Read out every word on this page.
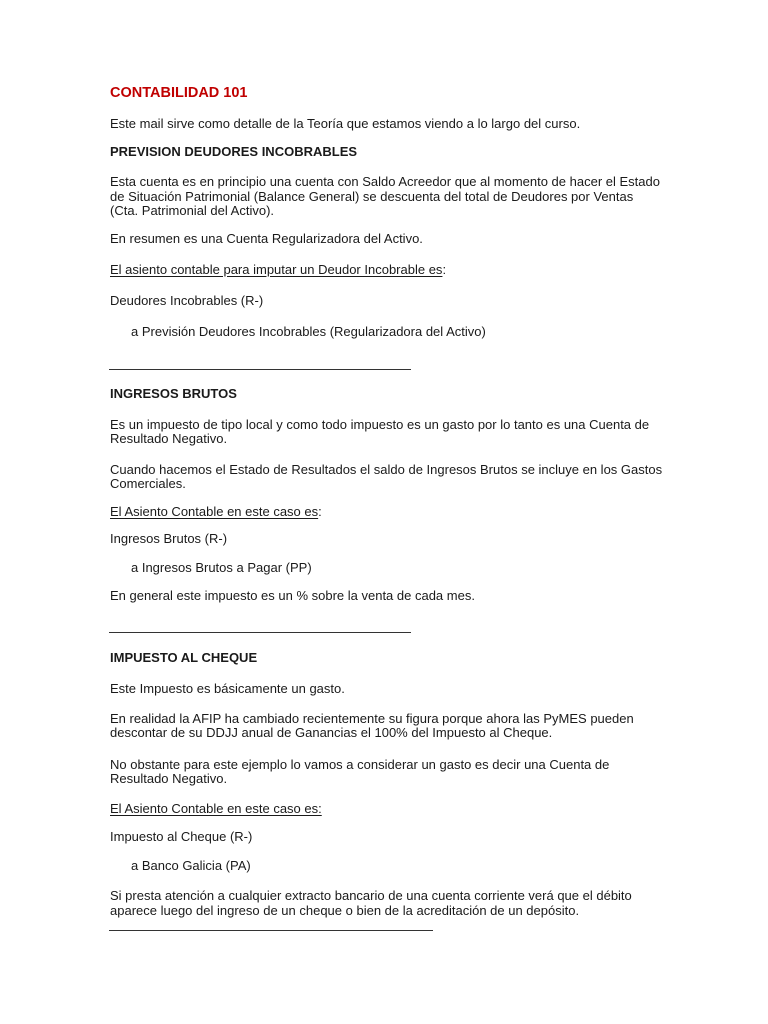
CONTABILIDAD 101

Este mail sirve como detalle de la Teoría que estamos viendo a lo largo del curso.

PREVISION DEUDORES INCOBRABLES

Esta cuenta es en principio una cuenta con Saldo Acreedor que al momento de hacer el Estado

de Situación Patrimonial (Balance General) se descuenta del total de Deudores por Ventas

(Cta. Patrimonial del Activo).

En resumen es una Cuenta Regularizadora del Activo.

El asiento contable para imputar un Deudor Incobrable es:

Deudores Incobrables (R-)

a Previsión Deudores Incobrables (Regularizadora del Activo)

INGRESOS BRUTOS

Es un impuesto de tipo local y como todo impuesto es un gasto por lo tanto es una Cuenta de

Resultado Negativo.

Cuando hacemos el Estado de Resultados el saldo de Ingresos Brutos se incluye en los Gastos

Comerciales.

El Asiento Contable en este caso es:

Ingresos Brutos (R-)

a Ingresos Brutos a Pagar (PP)

En general este impuesto es un % sobre la venta de cada mes.

IMPUESTO AL CHEQUE

Este Impuesto es básicamente un gasto.

En realidad la AFIP ha cambiado recientemente su figura porque ahora las PyMES pueden

descontar de su DDJJ anual de Ganancias el 100% del Impuesto al Cheque.

No obstante para este ejemplo lo vamos a considerar un gasto es decir una Cuenta de

Resultado Negativo.

El Asiento Contable en este caso es:

Impuesto al Cheque (R-)

a Banco Galicia (PA)

Si presta atención a cualquier extracto bancario de una cuenta corriente verá que el débito

aparece luego del ingreso de un cheque o bien de la acreditación de un depósito.
